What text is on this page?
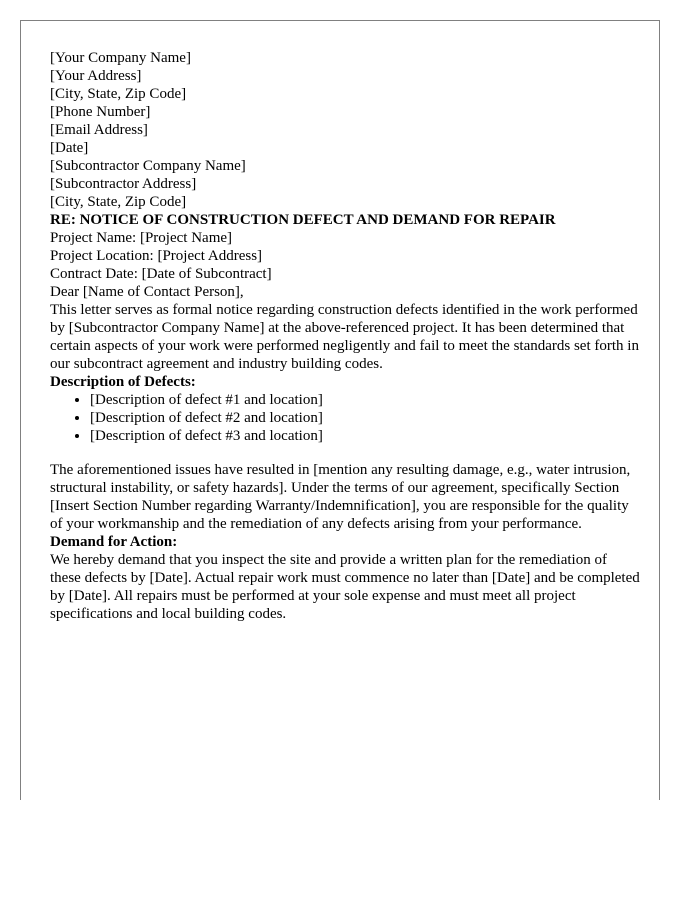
[Your Company Name]
[Your Address]
[City, State, Zip Code]
[Phone Number]
[Email Address]

[Date]

[Subcontractor Company Name]
[Subcontractor Address]
[City, State, Zip Code]

RE: NOTICE OF CONSTRUCTION DEFECT AND DEMAND FOR REPAIR
Project Name: [Project Name]
Project Location: [Project Address]
Contract Date: [Date of Subcontract]

Dear [Name of Contact Person],

This letter serves as formal notice regarding construction defects identified in the work performed by [Subcontractor Company Name] at the above-referenced project. It has been determined that certain aspects of your work were performed negligently and fail to meet the standards set forth in our subcontract agreement and industry building codes.

Description of Defects:

• [Description of defect #1 and location]
• [Description of defect #2 and location]
• [Description of defect #3 and location]

The aforementioned issues have resulted in [mention any resulting damage, e.g., water intrusion, structural instability, or safety hazards]. Under the terms of our agreement, specifically Section [Insert Section Number regarding Warranty/Indemnification], you are responsible for the quality of your workmanship and the remediation of any defects arising from your performance.

Demand for Action:

We hereby demand that you inspect the site and provide a written plan for the remediation of these defects by [Date]. Actual repair work must commence no later than [Date] and be completed by [Date]. All repairs must be performed at your sole expense and must meet all project specifications and local building codes.
